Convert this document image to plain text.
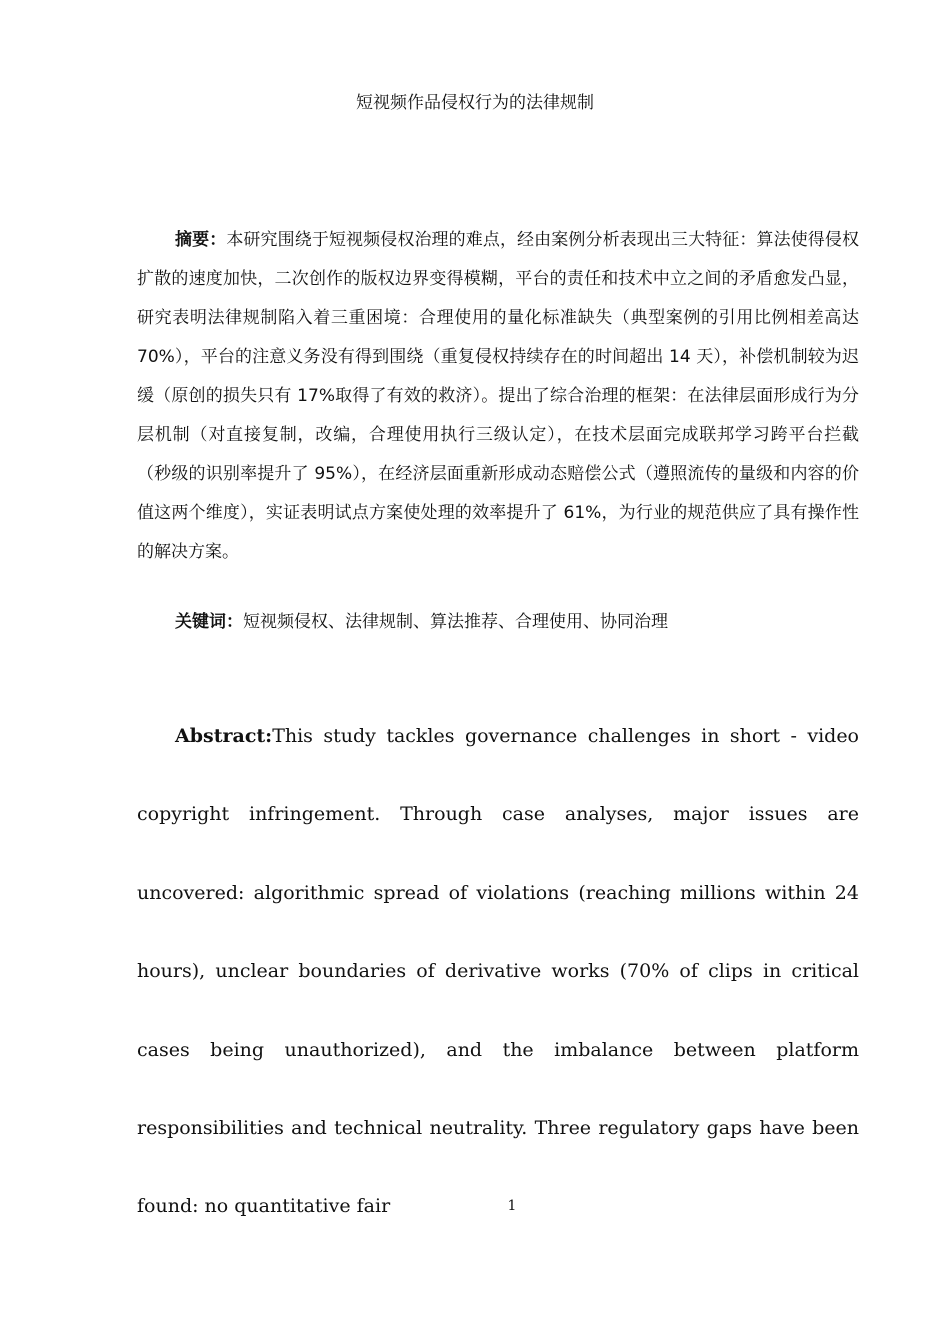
短视频作品侵权行为的法律规制

摘要：本研究围绕于短视频侵权治理的难点，经由案例分析表现出三大特征：算法使得侵权扩散的速度加快，二次创作的版权边界变得模糊，平台的责任和技术中立之间的矛盾愈发凸显，研究表明法律规制陷入着三重困境：合理使用的量化标准缺失（典型案例的引用比例相差高达 70%），平台的注意义务没有得到围绕（重复侵权持续存在的时间超出 14 天），补偿机制较为迟缓（原创的损失只有 17%取得了有效的救济）。提出了综合治理的框架：在法律层面形成行为分层机制（对直接复制，改编，合理使用执行三级认定），在技术层面完成联邦学习跨平台拦截（秒级的识别率提升了 95%），在经济层面重新形成动态赔偿公式（遵照流传的量级和内容的价值这两个维度），实证表明试点方案使处理的效率提升了 61%，为行业的规范供应了具有操作性的解决方案。

关键词：短视频侵权、法律规制、算法推荐、合理使用、协同治理

Abstract:This study tackles governance challenges in short - video copyright infringement. Through case analyses, major issues are uncovered: algorithmic spread of violations (reaching millions within 24 hours), unclear boundaries of derivative works (70% of clips in critical cases being unauthorized), and the imbalance between platform responsibilities and technical neutrality. Three regulatory gaps have been found: no quantitative fair	1
